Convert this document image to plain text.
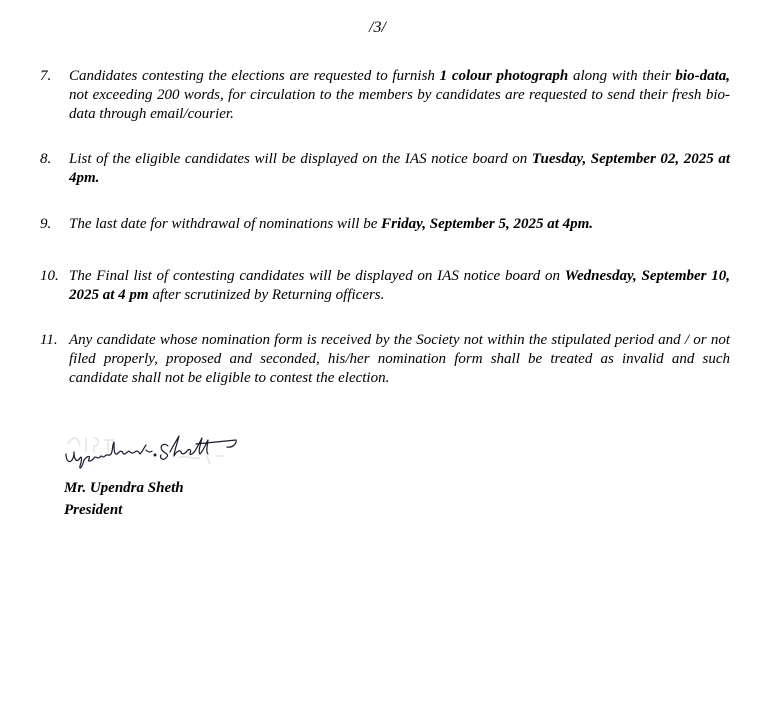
/3/
7. Candidates contesting the elections are requested to furnish 1 colour photograph along with their bio-data, not exceeding 200 words, for circulation to the members by candidates are requested to send their fresh bio-data through email/courier.
8. List of the eligible candidates will be displayed on the IAS notice board on Tuesday, September 02, 2025 at 4pm.
9. The last date for withdrawal of nominations will be Friday, September 5, 2025 at 4pm.
10. The Final list of contesting candidates will be displayed on IAS notice board on Wednesday, September 10, 2025 at 4 pm after scrutinized by Returning officers.
11. Any candidate whose nomination form is received by the Society not within the stipulated period and / or not filed properly, proposed and seconded, his/her nomination form shall be treated as invalid and such candidate shall not be eligible to contest the election.
Mr. Upendra Sheth
President
